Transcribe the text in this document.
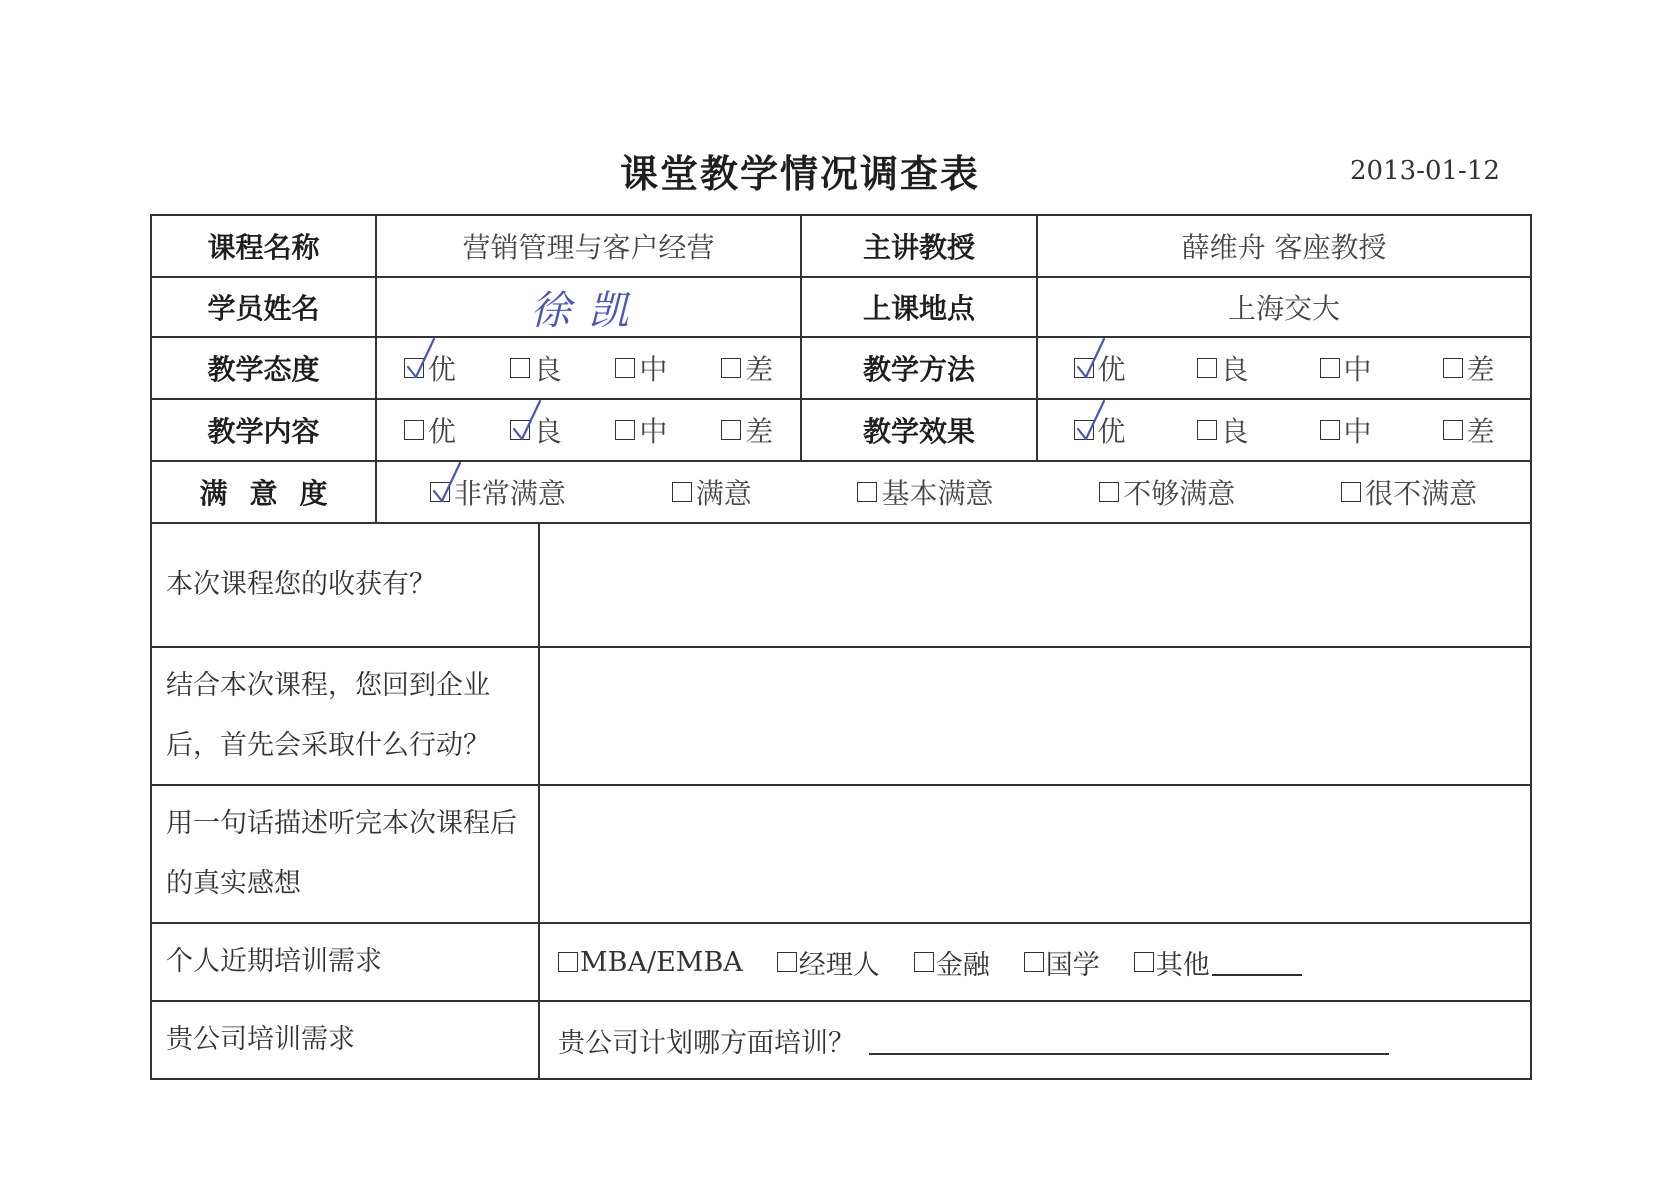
课堂教学情况调查表	2013-01-12
课程名称	营销管理与客户经营		主讲教授	薛维舟 客座教授
学员姓名	徐凯		上课地点	上海交大
教学态度	优 良 中 差		教学方法	优 良 中 差

教学内容	优 良 中 差		教学效果	优 良 中 差

满意度	非常满意 满意 基本满意 不够满意 很不满意			

本次课程您的收获有？				
结合本次课程，您回到企业后，首先会采取什么行动？				
用一句话描述听完本次课程后的真实感想				
个人近期培训需求		MBA/EMBA 经理人 金融 国学 其他		

贵公司培训需求		贵公司计划哪方面培训？		
